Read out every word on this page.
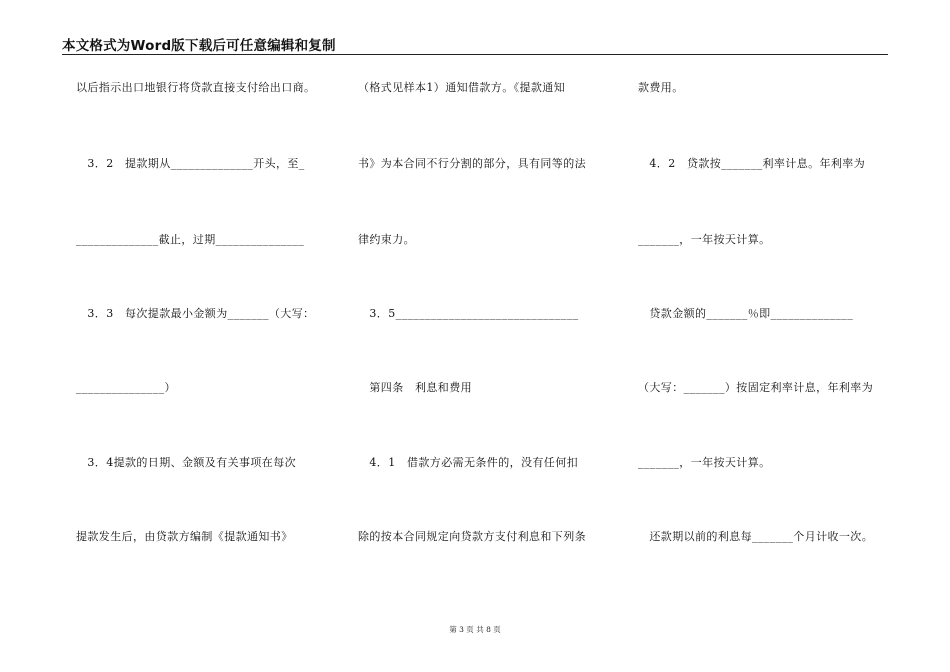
本文格式为Word版下载后可任意编辑和复制
以后指示出口地银行将贷款直接支付给出口商。
　3．2　提款期从______________开头，至_
______________截止，过期_______________
　3．3　每次提款最小金额为_______（大写：
_______________）
　3．4提款的日期、金额及有关事项在每次
提款发生后，由贷款方编制《提款通知书》
（格式见样本1）通知借款方。《提款通知
书》为本合同不行分割的部分，具有同等的法
律约束力。
　3．5_______________________________
　第四条　利息和费用
　4．1　借款方必需无条件的，没有任何扣
除的按本合同规定向贷款方支付利息和下列条
款费用。
　4．2　贷款按_______利率计息。年利率为
_______，一年按天计算。
　贷款金额的_______％即______________
（大写：_______）按固定利率计息，年利率为
_______，一年按天计算。
　还款期以前的利息每_______个月计收一次。
第 3 页 共 8 页
